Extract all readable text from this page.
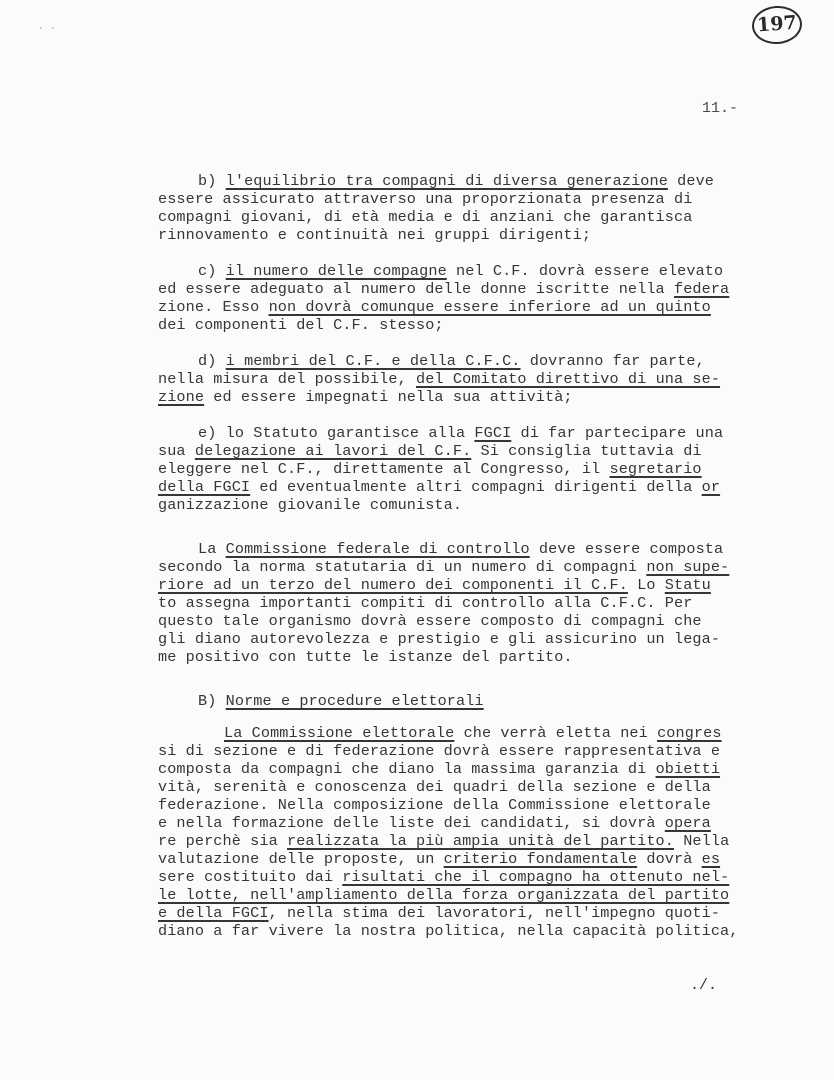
· ·	197
11.-
b) l'equilibrio tra compagni di diversa generazione deve
essere assicurato attraverso una proporzionata presenza di
compagni giovani, di età media e di anziani che garantisca
rinnovamento e continuità nei gruppi dirigenti;
c) il numero delle compagne nel C.F. dovrà essere elevato
ed essere adeguato al numero delle donne iscritte nella federa
zione. Esso non dovrà comunque essere inferiore ad un quinto
dei componenti del C.F. stesso;
d) i membri del C.F. e della C.F.C. dovranno far parte,
nella misura del possibile, del Comitato direttivo di una se-
zione ed essere impegnati nella sua attività;
e) lo Statuto garantisce alla FGCI di far partecipare una
sua delegazione ai lavori del C.F. Si consiglia tuttavia di
eleggere nel C.F., direttamente al Congresso, il segretario
della FGCI ed eventualmente altri compagni dirigenti della or
ganizzazione giovanile comunista.
La Commissione federale di controllo deve essere composta
secondo la norma statutaria di un numero di compagni non supe-
riore ad un terzo del numero dei componenti il C.F. Lo Statu
to assegna importanti compiti di controllo alla C.F.C. Per
questo tale organismo dovrà essere composto di compagni che
gli diano autorevolezza e prestigio e gli assicurino un lega-
me positivo con tutte le istanze del partito.
B) Norme e procedure elettorali
La Commissione elettorale che verrà eletta nei congres
si di sezione e di federazione dovrà essere rappresentativa e
composta da compagni che diano la massima garanzia di obietti
vità, serenità e conoscenza dei quadri della sezione e della
federazione. Nella composizione della Commissione elettorale
e nella formazione delle liste dei candidati, si dovrà opera
re perchè sia realizzata la più ampia unità del partito. Nella
valutazione delle proposte, un criterio fondamentale dovrà es
sere costituito dai risultati che il compagno ha ottenuto nel-
le lotte, nell'ampliamento della forza organizzata del partito
e della FGCI, nella stima dei lavoratori, nell'impegno quoti-
diano a far vivere la nostra politica, nella capacità politica,
./.
